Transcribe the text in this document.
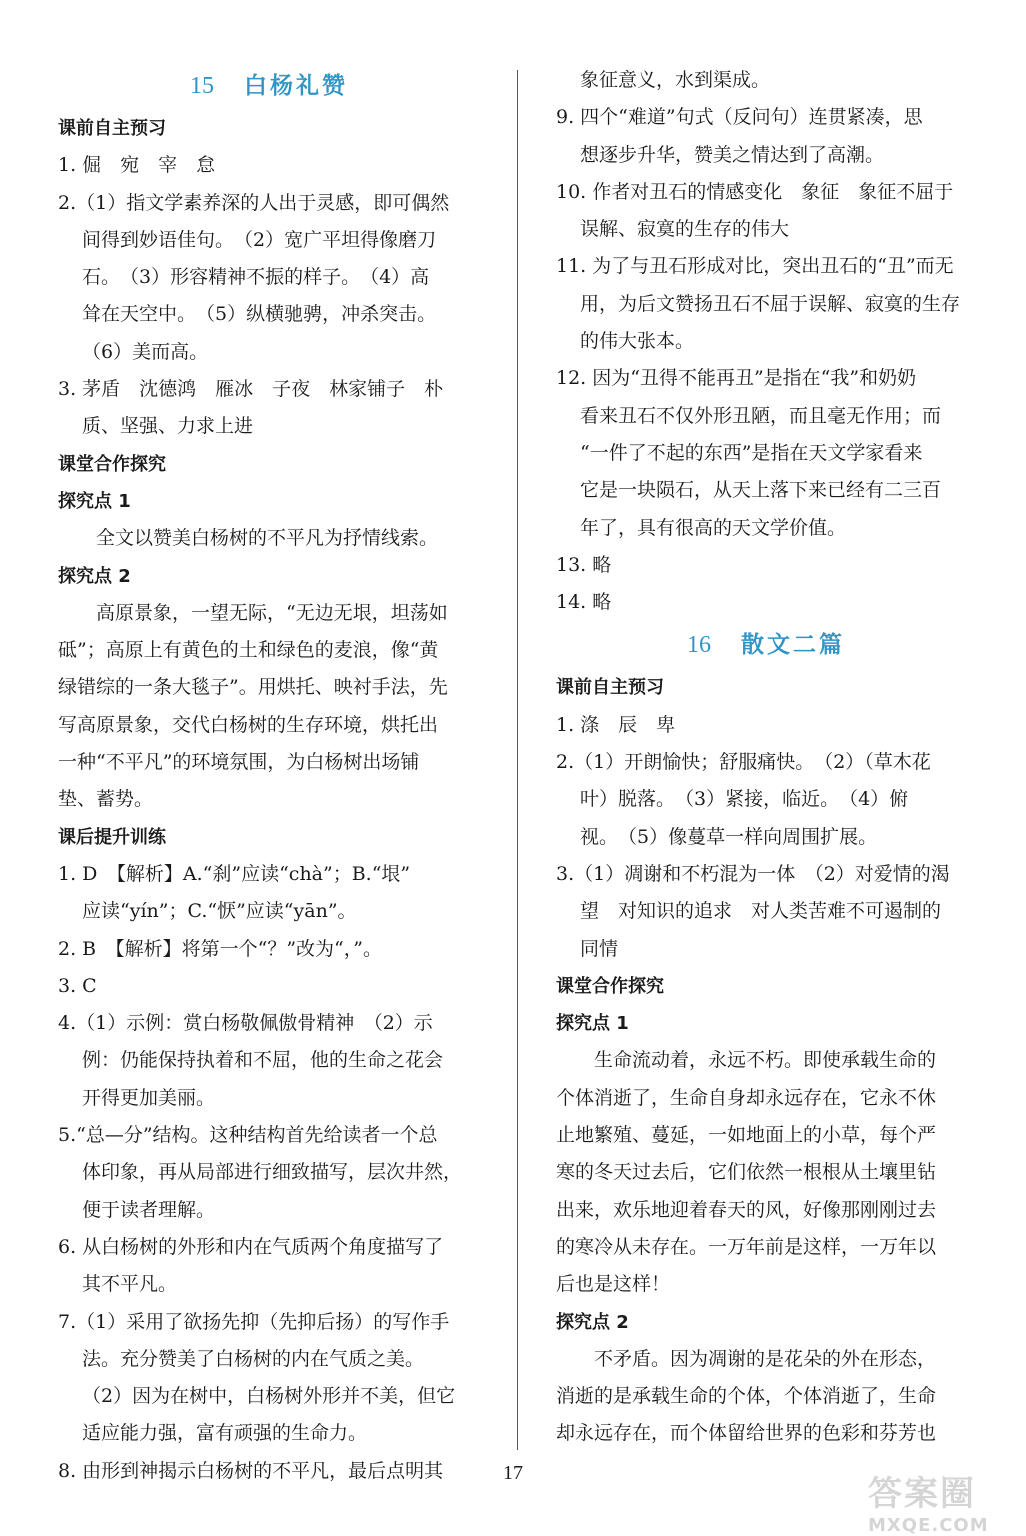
15 白杨礼赞
课前自主预习
1. 倔　宛　宰　怠
2.（1）指文学素养深的人出于灵感，即可偶然
间得到妙语佳句。　（2）宽广平坦得像磨刀
石。　（3）形容精神不振的样子。　（4）高
耸在天空中。　（5）纵横驰骋，冲杀突击。
（6）美而高。
3. 茅盾　沈德鸿　雁冰　子夜　林家铺子　朴
质、坚强、力求上进
课堂合作探究
探究点 1
全文以赞美白杨树的不平凡为抒情线索。
探究点 2
高原景象，一望无际，“无边无垠，坦荡如
砥”；高原上有黄色的土和绿色的麦浪，像“黄
绿错综的一条大毯子”。用烘托、映衬手法，先
写高原景象，交代白杨树的生存环境，烘托出
一种“不平凡”的环境氛围，为白杨树出场铺
垫、蓄势。
课后提升训练
1. D　【解析】A.“刹”应读“chà”；B.“垠”
应读“yín”；C.“恹”应读“yān”。
2. B　【解析】将第一个“？”改为“，”。
3. C
4.（1）示例：赏白杨敬佩傲骨精神　（2）示
例：仍能保持执着和不屈，他的生命之花会
开得更加美丽。
5.“总—分”结构。这种结构首先给读者一个总
体印象，再从局部进行细致描写，层次井然，
便于读者理解。
6. 从白杨树的外形和内在气质两个角度描写了
其不平凡。
7.（1）采用了欲扬先抑（先抑后扬）的写作手
法。充分赞美了白杨树的内在气质之美。
（2）因为在树中，白杨树外形并不美，但它
适应能力强，富有顽强的生命力。
8. 由形到神揭示白杨树的不平凡，最后点明其
象征意义，水到渠成。
9. 四个“难道”句式（反问句）连贯紧凑，思
想逐步升华，赞美之情达到了高潮。
10. 作者对丑石的情感变化　象征　象征不屈于
误解、寂寞的生存的伟大
11. 为了与丑石形成对比，突出丑石的“丑”而无
用，为后文赞扬丑石不屈于误解、寂寞的生存
的伟大张本。
12. 因为“丑得不能再丑”是指在“我”和奶奶
看来丑石不仅外形丑陋，而且毫无作用；而
“一件了不起的东西”是指在天文学家看来
它是一块陨石，从天上落下来已经有二三百
年了，具有很高的天文学价值。
13. 略
14. 略
16 散文二篇
课前自主预习
1. 涤　辰　卑
2.（1）开朗愉快；舒服痛快。　（2）（草木花
叶）脱落。　（3）紧接，临近。　（4）俯
视。　（5）像蔓草一样向周围扩展。
3.（1）凋谢和不朽混为一体　（2）对爱情的渴
望　对知识的追求　对人类苦难不可遏制的
同情
课堂合作探究
探究点 1
生命流动着，永远不朽。即使承载生命的
个体消逝了，生命自身却永远存在，它永不休
止地繁殖、蔓延，一如地面上的小草，每个严
寒的冬天过去后，它们依然一根根从土壤里钻
出来，欢乐地迎着春天的风，好像那刚刚过去
的寒冷从未存在。一万年前是这样，一万年以
后也是这样！
探究点 2
不矛盾。因为凋谢的是花朵的外在形态，
消逝的是承载生命的个体，个体消逝了，生命
却永远存在，而个体留给世界的色彩和芬芳也
17
答案圈
MXQE.COM
